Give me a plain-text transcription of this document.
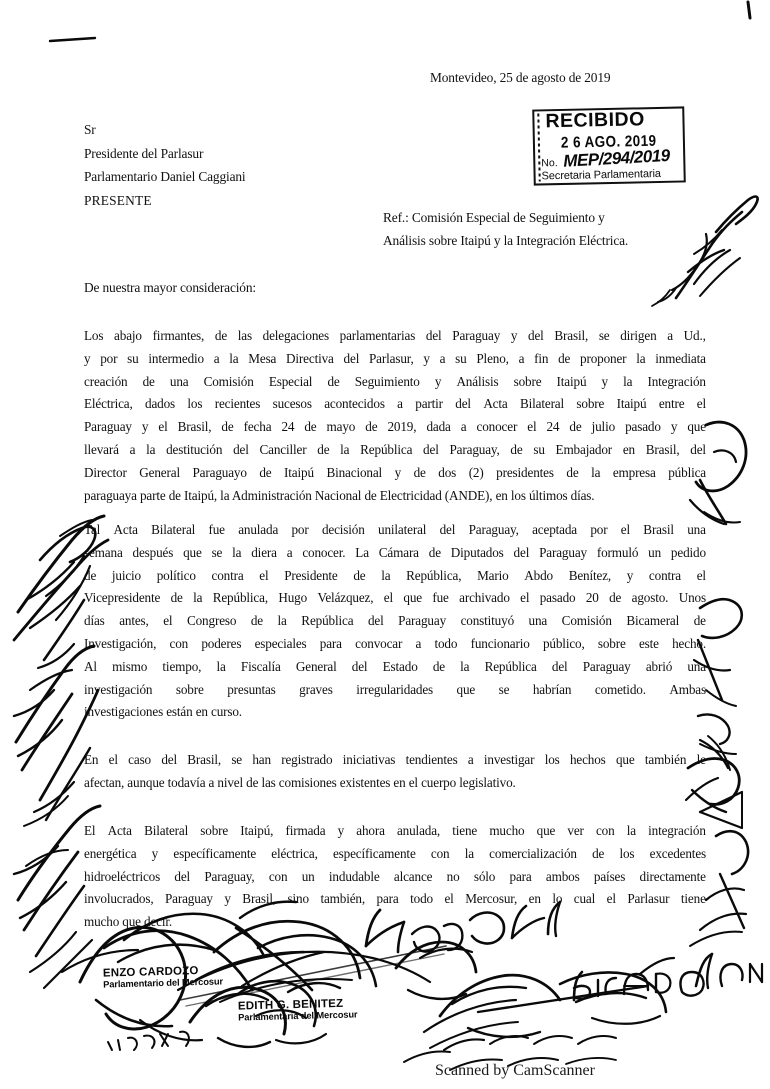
Montevideo, 25 de agosto de 2019
Sr
Presidente del Parlasur
Parlamentario Daniel Caggiani
PRESENTE
Ref.: Comisión Especial de Seguimiento y
Análisis sobre Itaipú y la Integración Eléctrica.
De nuestra mayor consideración:
Los abajo firmantes, de las delegaciones parlamentarias del Paraguay y del Brasil, se dirigen a Ud.,
y por su intermedio a la Mesa Directiva del Parlasur, y a su Pleno, a fin de proponer la inmediata
creación de una Comisión Especial de Seguimiento y Análisis sobre Itaipú y la Integración
Eléctrica, dados los recientes sucesos acontecidos a partir del Acta Bilateral sobre Itaipú entre el
Paraguay y el Brasil, de fecha 24 de mayo de 2019, dada a conocer el 24 de julio pasado y que
llevará a la destitución del Canciller de la República del Paraguay, de su Embajador en Brasil, del
Director General Paraguayo de Itaipú Binacional y de dos (2) presidentes de la empresa pública
paraguaya parte de Itaipú, la Administración Nacional de Electricidad (ANDE), en los últimos días.
Tal Acta Bilateral fue anulada por decisión unilateral del Paraguay, aceptada por el Brasil una
semana después que se la diera a conocer. La Cámara de Diputados del Paraguay formuló un pedido
de juicio político contra el Presidente de la República, Mario Abdo Benítez, y contra el
Vicepresidente de la República, Hugo Velázquez, el que fue archivado el pasado 20 de agosto. Unos
días antes, el Congreso de la República del Paraguay constituyó una Comisión Bicameral de
Investigación, con poderes especiales para convocar a todo funcionario público, sobre este hecho.
Al mismo tiempo, la Fiscalía General del Estado de la República del Paraguay abrió una
investigación sobre presuntas graves irregularidades que se habrían cometido. Ambas
investigaciones están en curso.
En el caso del Brasil, se han registrado iniciativas tendientes a investigar los hechos que también le
afectan, aunque todavía a nivel de las comisiones existentes en el cuerpo legislativo.
El Acta Bilateral sobre Itaipú, firmada y ahora anulada, tiene mucho que ver con la integración
energética y específicamente eléctrica, específicamente con la comercialización de los excedentes
hidroeléctricos del Paraguay, con un indudable alcance no sólo para ambos países directamente
involucrados, Paraguay y Brasil, sino también, para todo el Mercosur, en lo cual el Parlasur tiene
mucho que decir.
RECIBIDO
2 6 AGO. 2019
No. MEP/294/2019
Secretaria Parlamentaria
ENZO CARDOZO
Parlamentario del Mercosur
EDITH G. BENITEZ
Parlamentaria del Mercosur
Scanned by CamScanner
